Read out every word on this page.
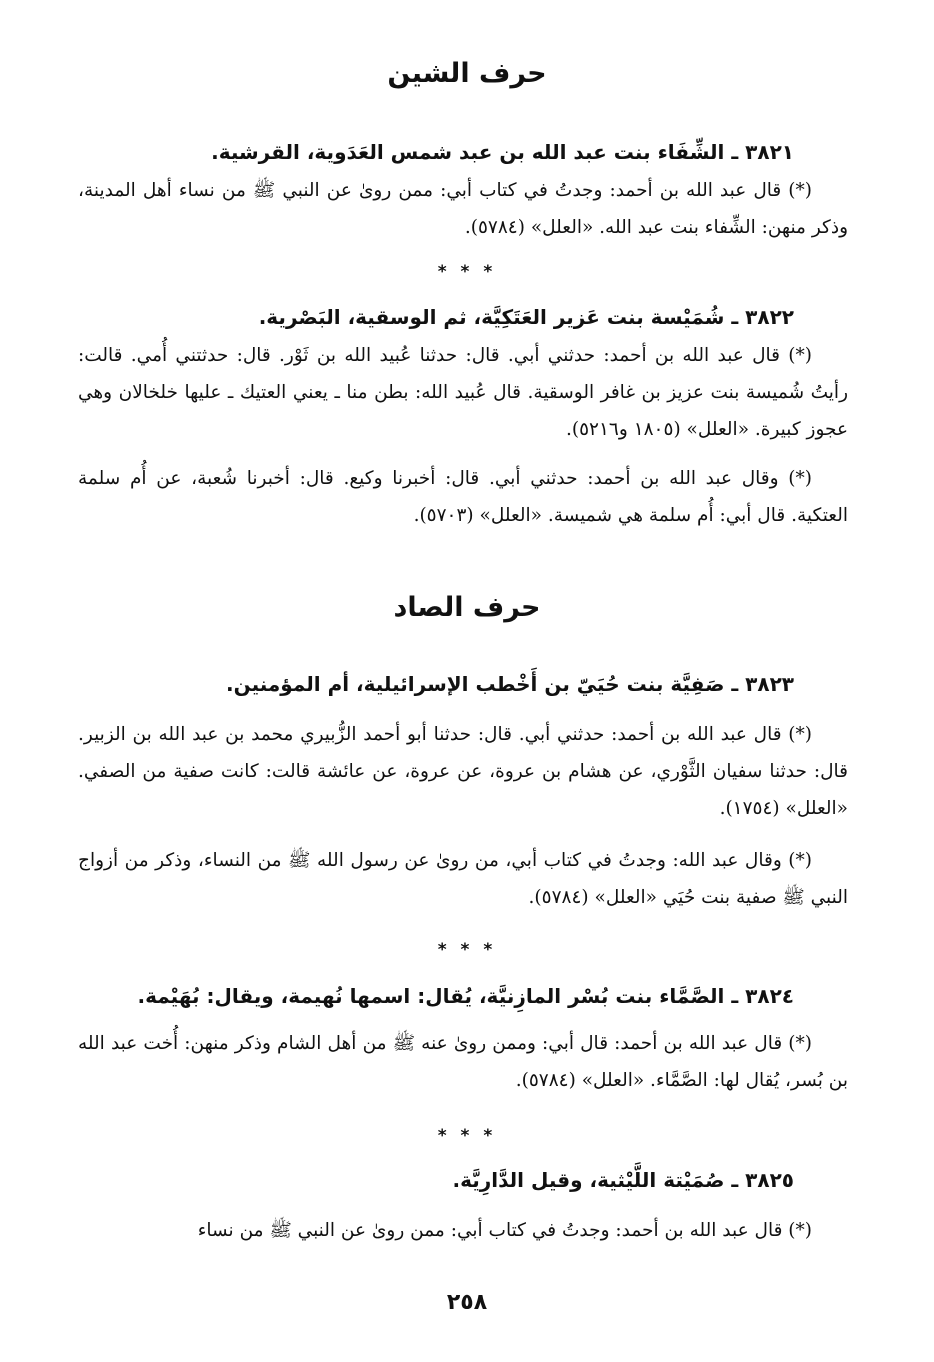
حرف الشين
٣٨٢١ ـ الشِّفَاء بنت عبد الله بن عبد شمس العَدَوية، القرشية.
(*) قال عبد الله بن أحمد: وجدتُ في كتاب أبي: ممن روىٰ عن النبي ﷺ من نساء أهل المدينة، وذكر منهن: الشِّفاء بنت عبد الله. «العلل» (٥٧٨٤).
* * *
٣٨٢٢ ـ شُمَيْسة بنت عَزير العَتَكِيَّة، ثم الوسقية، البَصْرية.
(*) قال عبد الله بن أحمد: حدثني أبي. قال: حدثنا عُبيد الله بن ثَوْر. قال: حدثتني أُمي. قالت: رأيتُ شُميسة بنت عزيز بن غافر الوسقية. قال عُبيد الله: بطن منا ـ يعني العتيك ـ عليها خلخالان وهي عجوز كبيرة. «العلل» (١٨٠٥ و٥٢١٦).
(*) وقال عبد الله بن أحمد: حدثني أبي. قال: أخبرنا وكيع. قال: أخبرنا شُعبة، عن أُم سلمة العتكية. قال أبي: أُم سلمة هي شميسة. «العلل» (٥٧٠٣).
حرف الصاد
٣٨٢٣ ـ صَفِيَّة بنت حُيَيّ بن أَخْطب الإسرائيلية، أم المؤمنين.
(*) قال عبد الله بن أحمد: حدثني أبي. قال: حدثنا أبو أحمد الزُّبيري محمد بن عبد الله بن الزبير. قال: حدثنا سفيان الثَّوْري، عن هشام بن عروة، عن عروة، عن عائشة قالت: كانت صفية من الصفي. «العلل» (١٧٥٤).
(*) وقال عبد الله: وجدتُ في كتاب أبي، من روىٰ عن رسول الله ﷺ من النساء، وذكر من أزواج النبي ﷺ صفية بنت حُيَي «العلل» (٥٧٨٤).
* * *
٣٨٢٤ ـ الصَّمَّاء بنت بُسْر المازِنيَّة، يُقال: اسمها نُهيمة، ويقال: بُهَيْمة.
(*) قال عبد الله بن أحمد: قال أبي: وممن روىٰ عنه ﷺ من أهل الشام وذكر منهن: أُخت عبد الله بن بُسر، يُقال لها: الصَّمَّاء. «العلل» (٥٧٨٤).
* * *
٣٨٢٥ ـ صُمَيْتة اللَّيْثية، وقيل الدَّارِيَّة.
(*) قال عبد الله بن أحمد: وجدتُ في كتاب أبي: ممن روىٰ عن النبي ﷺ من نساء
٢٥٨
